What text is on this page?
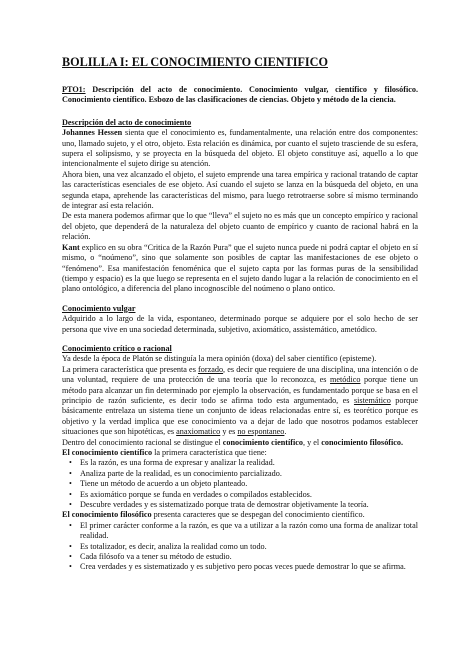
BOLILLA I: EL CONOCIMIENTO CIENTIFICO
PTO1: Descripción del acto de conocimiento. Conocimiento vulgar, científico y filosófico. Conocimiento científico. Esbozo de las clasificaciones de ciencias. Objeto y método de la ciencia.
Descripción del acto de conocimiento

Johannes Hessen sienta que el conocimiento es, fundamentalmente, una relación entre dos componentes: uno, llamado sujeto, y el otro, objeto. Esta relación es dinámica, por cuanto el sujeto trasciende de su esfera, supera el solipsismo, y se proyecta en la búsqueda del objeto. El objeto constituye así, aquello a lo que intencionalmente el sujeto dirige su atención.

Ahora bien, una vez alcanzado el objeto, el sujeto emprende una tarea empírica y racional tratando de captar las características esenciales de ese objeto. Así cuando el sujeto se lanza en la búsqueda del objeto, en una segunda etapa, aprehende las características del mismo, para luego retrotraerse sobre sí mismo terminando de integrar así esta relación.

De esta manera podemos afirmar que lo que “lleva” el sujeto no es más que un concepto empírico y racional del objeto, que dependerá de la naturaleza del objeto cuanto de empírico y cuanto de racional habrá en la relación.

Kant explico en su obra “Critica de la Razón Pura” que el sujeto nunca puede ni podrá captar el objeto en sí mismo, o “noúmeno”, sino que solamente son posibles de captar las manifestaciones de ese objeto o “fenómeno”. Esa manifestación fenoménica que el sujeto capta por las formas puras de la sensibilidad (tiempo y espacio) es la que luego se representa en el sujeto dando lugar a la relación de conocimiento en el plano ontológico, a diferencia del plano incognoscible del noúmeno o plano ontico.

Conocimiento vulgar

Adquirido a lo largo de la vida, espontaneo, determinado porque se adquiere por el solo hecho de ser persona que vive en una sociedad determinada, subjetivo, axiomático, assistemático, ametódico.

Conocimiento crítico o racional

Ya desde la época de Platón se distinguía la mera opinión (doxa) del saber científico (episteme).

La primera característica que presenta es forzado, es decir que requiere de una disciplina, una intención o de una voluntad, requiere de una protección de una teoría que lo reconozca, es metódico porque tiene un método para alcanzar un fin determinado por ejemplo la observación, es fundamentado porque se basa en el principio de razón suficiente, es decir todo se afirma todo esta argumentado, es sistemático porque básicamente entrelaza un sistema tiene un conjunto de ideas relacionadas entre sí, es teorético porque es objetivo y la verdad implica que ese conocimiento va a dejar de lado que nosotros podamos establecer situaciones que son hipotéticas, es anaxiomatico y es no espontaneo.

Dentro del conocimiento racional se distingue el conocimiento científico, y el conocimiento filosófico.

El conocimiento científico la primera característica que tiene:

• Es la razón, es una forma de expresar y analizar la realidad.
• Analiza parte de la realidad, es un conocimiento parcializado.
• Tiene un método de acuerdo a un objeto planteado.
• Es axiomático porque se funda en verdades o compilados establecidos.
• Descubre verdades y es sistematizado porque trata de demostrar objetivamente la teoría.

El conocimiento filosófico presenta caracteres que se despegan del conocimiento científico.

• El primer carácter conforme a la razón, es que va a utilizar a la razón como una forma de analizar total realidad.
• Es totalizador, es decir, analiza la realidad como un todo.
• Cada filósofo va a tener su método de estudio.
• Crea verdades y es sistematizado y es subjetivo pero pocas veces puede demostrar lo que se afirma.
